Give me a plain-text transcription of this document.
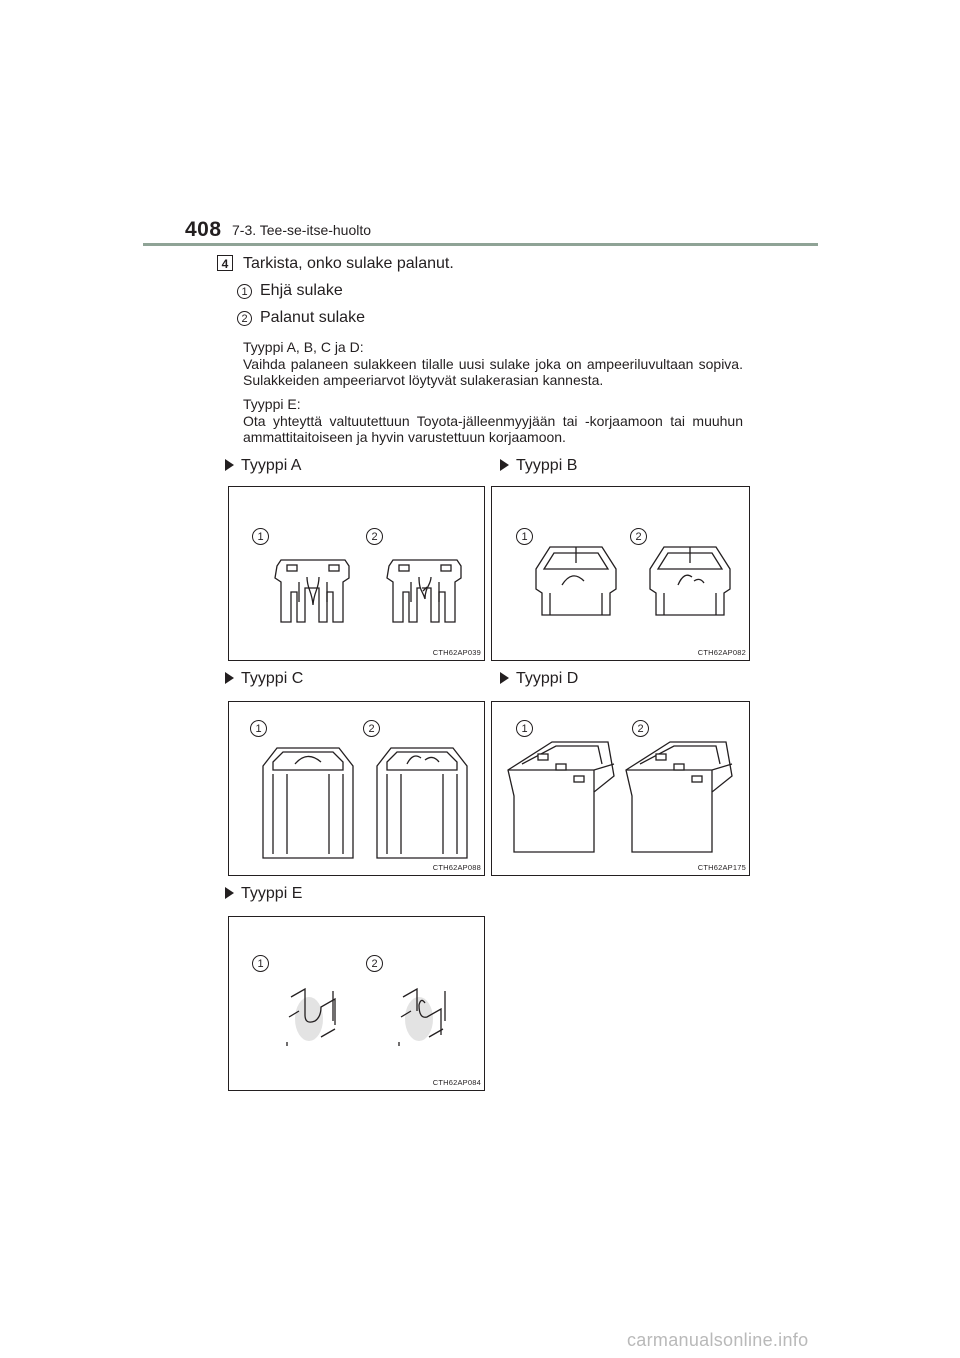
408 7-3. Tee-se-itse-huolto
4 Tarkista, onko sulake palanut.
1 Ehjä sulake
2 Palanut sulake

Tyyppi A, B, C ja D:

Vaihda palaneen sulakkeen tilalle uusi sulake joka on ampeeriluvultaan sopiva. Sulakkeiden ampeeriarvot löytyvät sulakerasian kannesta.

Tyyppi E:

Ota yhteyttä valtuutettuun Toyota-jälleenmyyjään tai -korjaamoon tai muuhun ammattitaitoiseen ja hyvin varustettuun korjaamoon.

Tyyppi A	Tyyppi B
Tyyppi C	Tyyppi D
Tyyppi E
1	2
CTH62AP039
1	2
CTH62AP082
1	2
CTH62AP088
1	2
CTH62AP175
1	2
CTH62AP084
carmanualsonline.info
